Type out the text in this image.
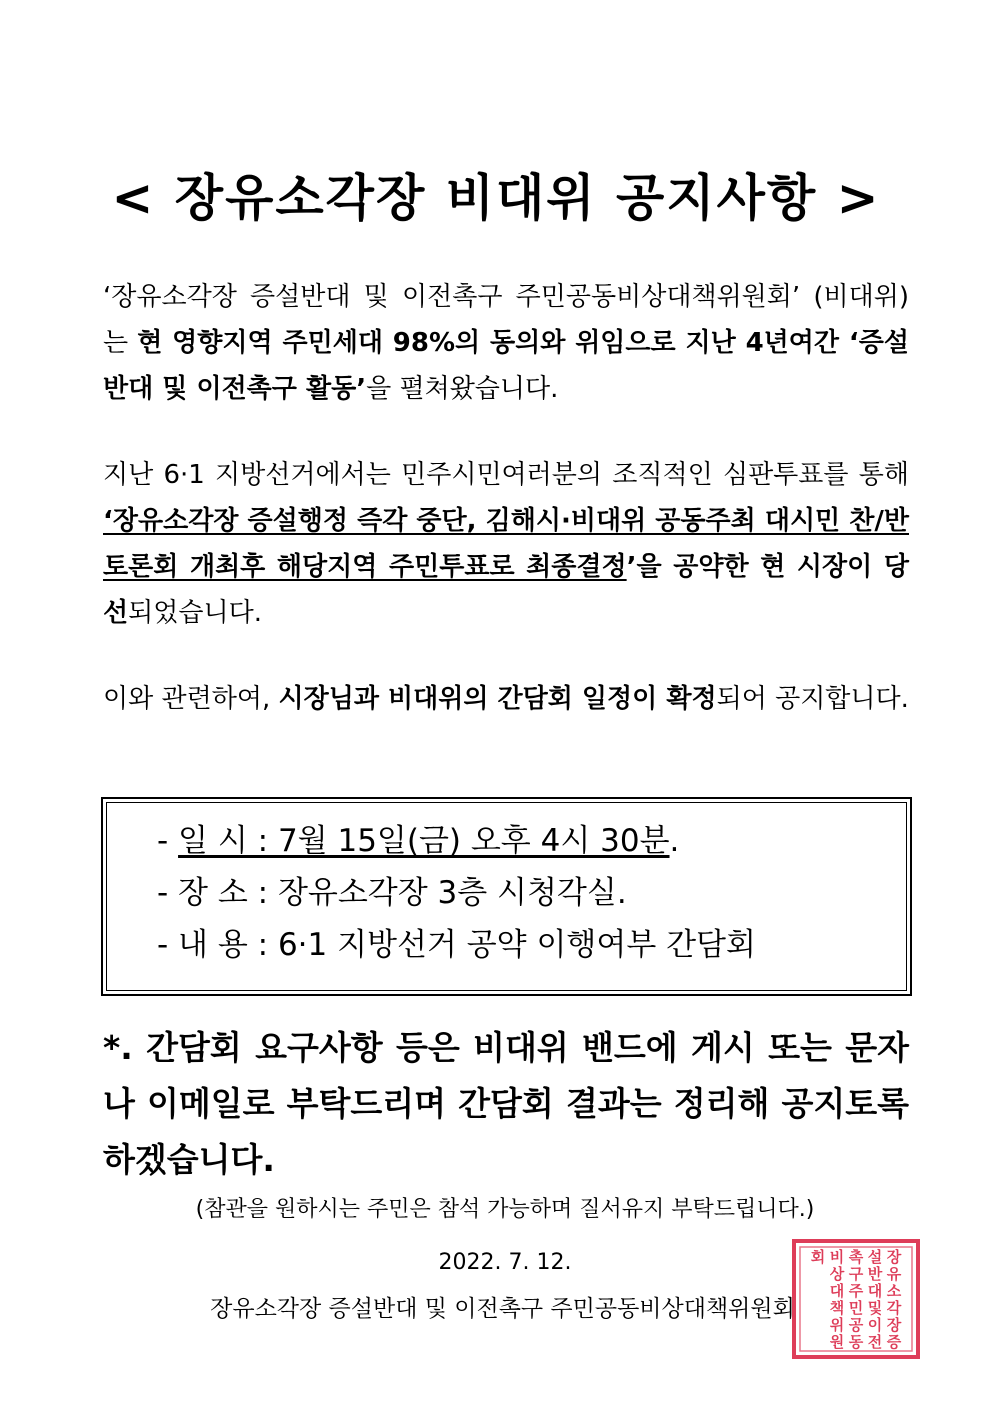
< 장유소각장 비대위 공지사항 >

‘장유소각장 증설반대 및 이전촉구 주민공동비상대책위원회’ (비대위)는 현 영향지역 주민세대 98%의 동의와 위임으로 지난 4년여간 ‘증설반대 및 이전촉구 활동’을 펼쳐왔습니다.

지난 6·1 지방선거에서는 민주시민여러분의 조직적인 심판투표를 통해 ‘장유소각장 증설행정 즉각 중단, 김해시·비대위 공동주최 대시민 찬/반 토론회 개최후 해당지역 주민투표로 최종결정’을 공약한 현 시장이 당선되었습니다.

이와 관련하여, 시장님과 비대위의 간담회 일정이 확정되어 공지합니다.

- 일 시 : 7월 15일(금) 오후 4시 30분.
- 장 소 : 장유소각장 3층 시청각실.
- 내 용 : 6·1 지방선거 공약 이행여부 간담회

*. 간담회 요구사항 등은 비대위 밴드에 게시 또는 문자나 이메일로 부탁드리며 간담회 결과는 정리해 공지토록 하겠습니다.

(참관을 원하시는 주민은 참석 가능하며 질서유지 부탁드립니다.)

2022. 7. 12.

장유소각장 증설반대 및 이전촉구 주민공동비상대책위원회

장
유
소
각
장
증
설
반
대
및
이
전
촉
구
주
민
공
동
비
상
대
책
위
원
회
